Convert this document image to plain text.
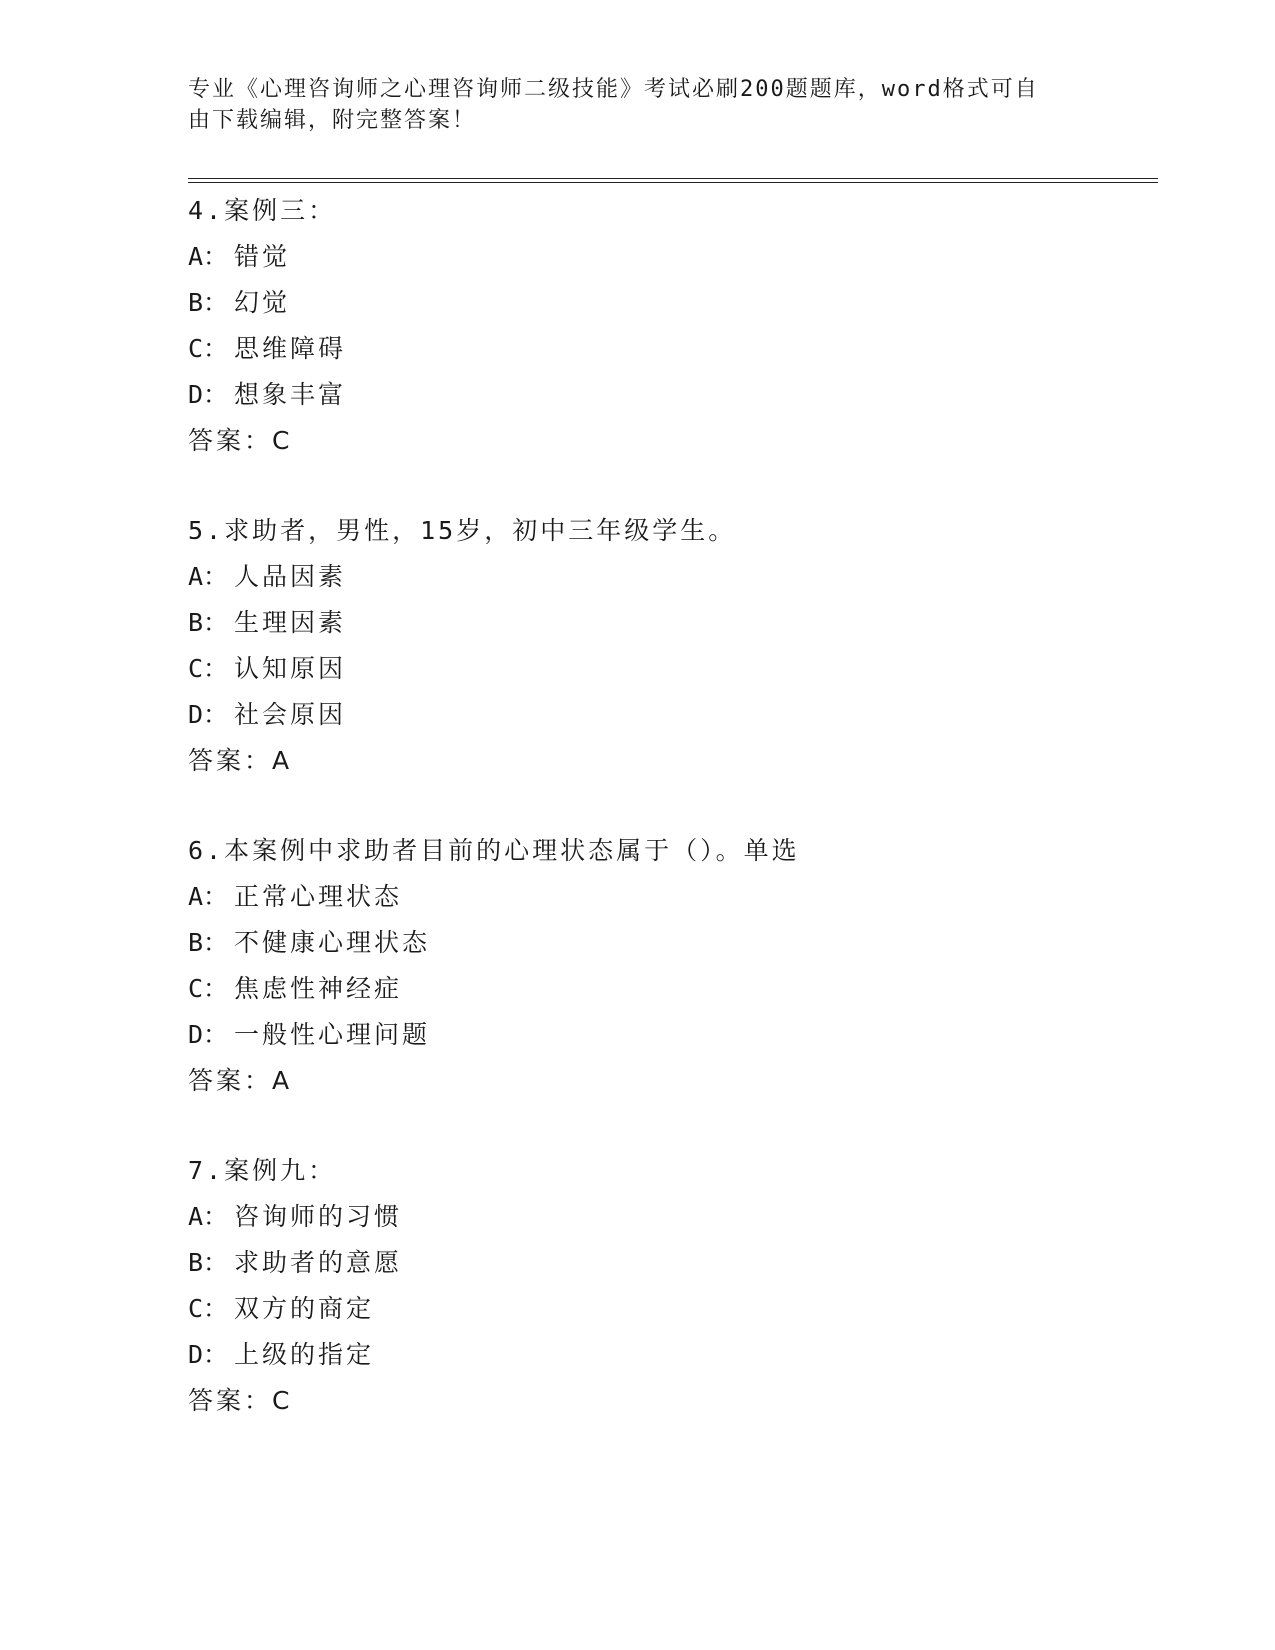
专业《心理咨询师之心理咨询师二级技能》考试必刷200题题库，word格式可自
由下载编辑，附完整答案！
4.案例三：
A： 错觉
B： 幻觉
C： 思维障碍
D： 想象丰富
答案：C
5.求助者，男性，15岁，初中三年级学生。
A： 人品因素
B： 生理因素
C： 认知原因
D： 社会原因
答案：A
6.本案例中求助者目前的心理状态属于（）。单选
A： 正常心理状态
B： 不健康心理状态
C： 焦虑性神经症
D： 一般性心理问题
答案：A
7.案例九：
A： 咨询师的习惯
B： 求助者的意愿
C： 双方的商定
D： 上级的指定
答案：C
